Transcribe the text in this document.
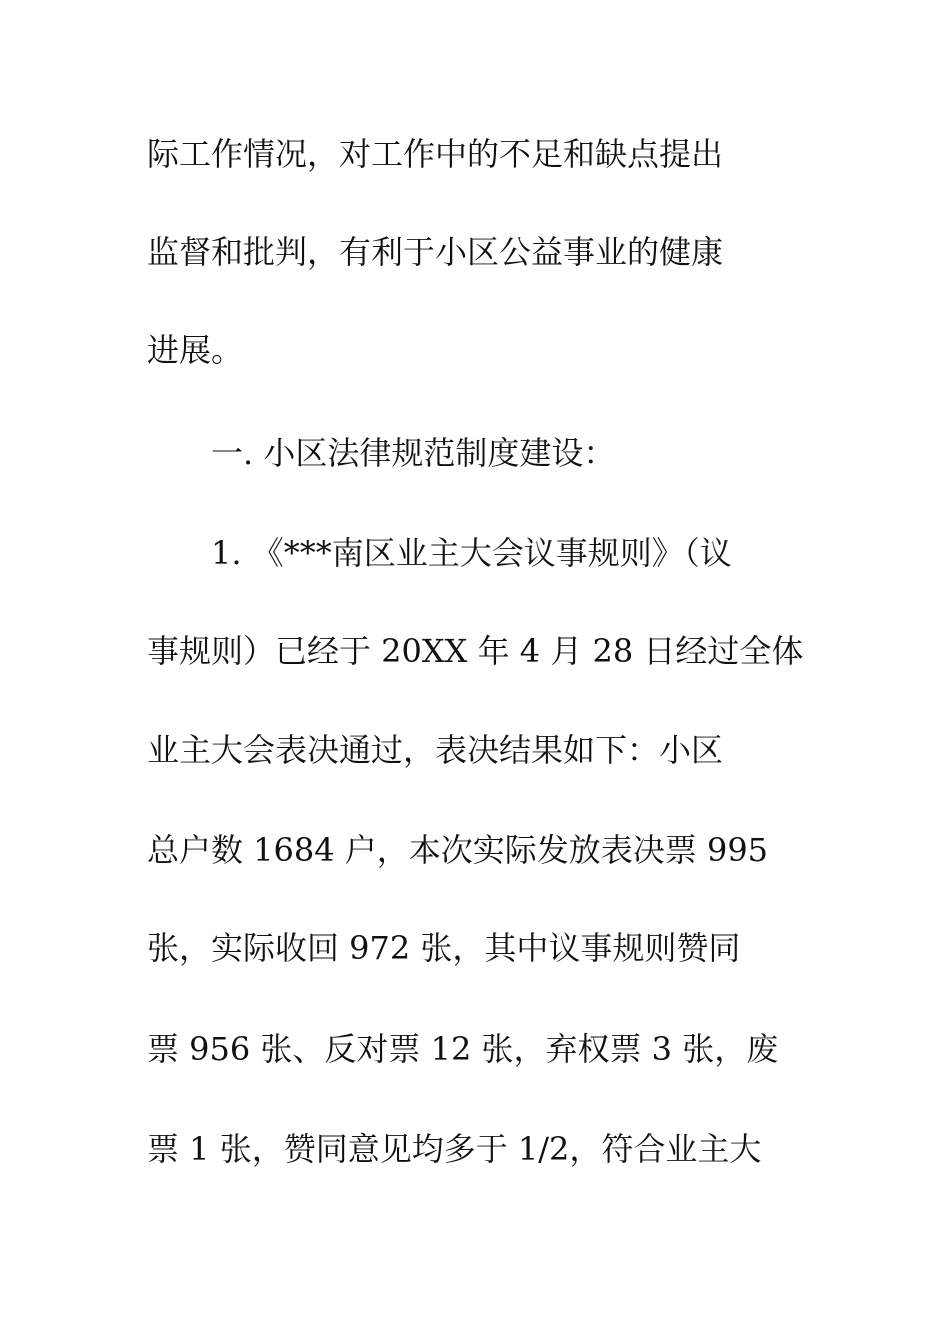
际工作情况，对工作中的不足和缺点提出
监督和批判，有利于小区公益事业的健康
进展。
一. 小区法律规范制度建设：
1. 《***南区业主大会议事规则》（议
事规则）已经于 20XX 年 4 月 28 日经过全体
业主大会表决通过，表决结果如下：小区
总户数 1684 户，本次实际发放表决票 995
张，实际收回 972 张，其中议事规则赞同
票 956 张、反对票 12 张，弃权票 3 张，废
票 1 张，赞同意见均多于 1/2，符合业主大
